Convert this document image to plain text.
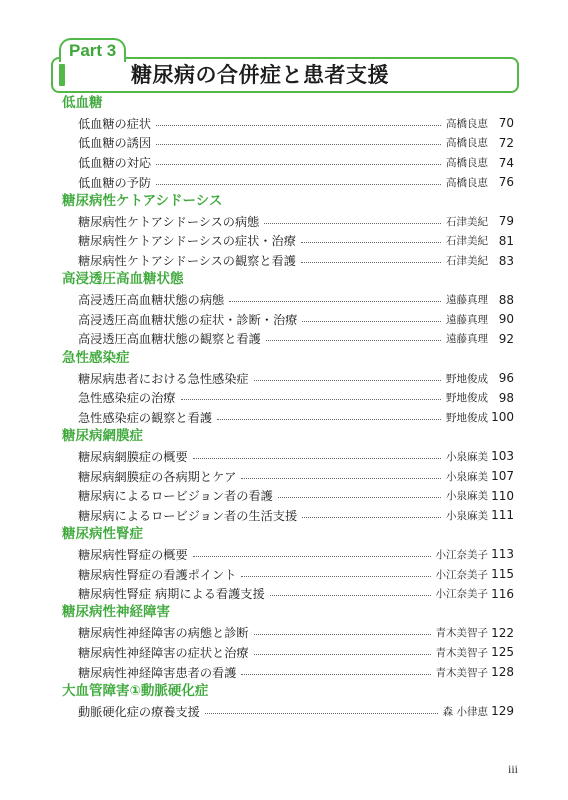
Part 3
糖尿病の合併症と患者支援
低血糖
低血糖の症状	高橋良恵 70
低血糖の誘因	高橋良恵 72
低血糖の対応	高橋良恵 74
低血糖の予防	高橋良恵 76
糖尿病性ケトアシドーシス
糖尿病性ケトアシドーシスの病態	石津美紀 79
糖尿病性ケトアシドーシスの症状・治療	石津美紀 81
糖尿病性ケトアシドーシスの観察と看護	石津美紀 83
高浸透圧高血糖状態
高浸透圧高血糖状態の病態	遠藤真理 88
高浸透圧高血糖状態の症状・診断・治療	遠藤真理 90
高浸透圧高血糖状態の観察と看護	遠藤真理 92
急性感染症
糖尿病患者における急性感染症	野地俊成 96
急性感染症の治療	野地俊成 98
急性感染症の観察と看護	野地俊成 100
糖尿病網膜症
糖尿病網膜症の概要	小泉麻美 103
糖尿病網膜症の各病期とケア	小泉麻美 107
糖尿病によるロービジョン者の看護	小泉麻美 110
糖尿病によるロービジョン者の生活支援	小泉麻美 111
糖尿病性腎症
糖尿病性腎症の概要	小江奈美子 113
糖尿病性腎症の看護ポイント	小江奈美子 115
糖尿病性腎症 病期による看護支援	小江奈美子 116
糖尿病性神経障害
糖尿病性神経障害の病態と診断	青木美智子 122
糖尿病性神経障害の症状と治療	青木美智子 125
糖尿病性神経障害患者の看護	青木美智子 128
大血管障害①動脈硬化症
動脈硬化症の療養支援	森 小律恵 129
iii
